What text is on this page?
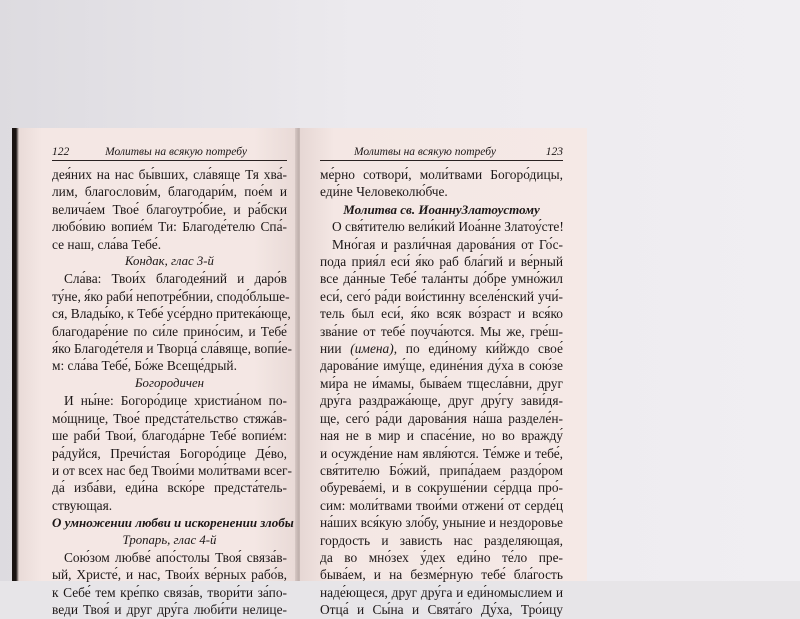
122	Молитвы на всякую потребу
дея́них на нас бы́вших, сла́вяще Тя хва́-
лим, благослови́м, благодари́м, пое́м и
велича́ем Твое́ благоутро́бие, и ра́бски
любо́вию вопие́м Ти: Благоде́телю Спа́-
се наш, сла́ва Тебе́.
Кондак, глас 3-й
Сла́ва: Твои́х благодея́ний и даро́в
ту́не, я́ко раби́ непотре́бнии, сподо́бльше-
ся, Влады́ко, к Тебе́ усе́рдно притека́юще,
благодаре́ние по си́ле прино́сим, и Тебе́
я́ко Благоде́теля и Творца́ сла́вяще, вопи́е-
м: сла́ва Тебе́, Бо́же Всеще́дрый.
Богородичен
И ны́не: Богоро́дице христиа́ном по-
мо́щнице, Твое́ предста́тельство стяжа́в-
ше раби́ Твои́, благода́рне Тебе́ вопие́м:
ра́дуйся, Пречи́стая Богоро́дице Де́во,
и от всех нас бед Твои́ми моли́твами всег-
да́ изба́ви, еди́на вско́ре предста́тель-
ствующая.
О умножении любви и искоренении злобы
Тропарь, глас 4-й
Сою́зом любве́ апо́столы Твоя́ связа́в-
ый, Христе́, и нас, Твои́х ве́рных рабо́в,
к Себе́ тем кре́пко связа́в, твори́ти за́по-
веди Твоя́ и друг дру́га люби́ти нелице-
Молитвы на всякую потребу	123
ме́рно сотвори́, моли́твами Богоро́дицы,
еди́не Человеколю́бче.
Молитва св. ИоаннуЗлатоустому
О свя́тителю вели́кий Иоа́нне Златоу́сте!
Мно́гая и разли́чная дарова́ния от Го́с-
пода прия́л еси́ я́ко раб бла́гий и ве́рный
все да́нные Тебе́ тала́нты до́бре умно́жил
еси́, сего́ ра́ди вои́стинну вселе́нский учи́-
тель был еси́, я́ко всяк во́зраст и вся́ко
зва́ние от тебе́ поуча́ются. Мы же, гре́ш-
нии (имена), по еди́ному ки́йждо свое́
дарова́ние иму́ще, едине́ния ду́ха в сою́зе
ми́ра не и́мамы, быва́ем тщесла́вни, друг
дру́га раздража́юще, друг дру́гу зави́дя-
ще, сего́ ра́ди дарова́ния на́ша разделе́н-
ная не в мир и спасе́ние, но во вражду́
и осужде́ние нам явля́ются. Те́мже и тебе́,
свя́тителю Бо́жий, припа́даем раздо́ром
обурева́емі, и в сокруше́нии се́рдца про́-
сим: моли́твами твои́ми отжени́ от серде́ц
на́ших вся́кую зло́бу, уныние и нездоровье
гордость и зависть нас разделяющая,
да во мно́зех у́дех еди́но те́ло пре-
быва́ем, и на безме́рную тебе́ бла́гость
наде́ющеся, друг дру́га и еди́номыслием и
Отца́ и Сы́на и Свята́го Ду́ха, Тро́ицу
